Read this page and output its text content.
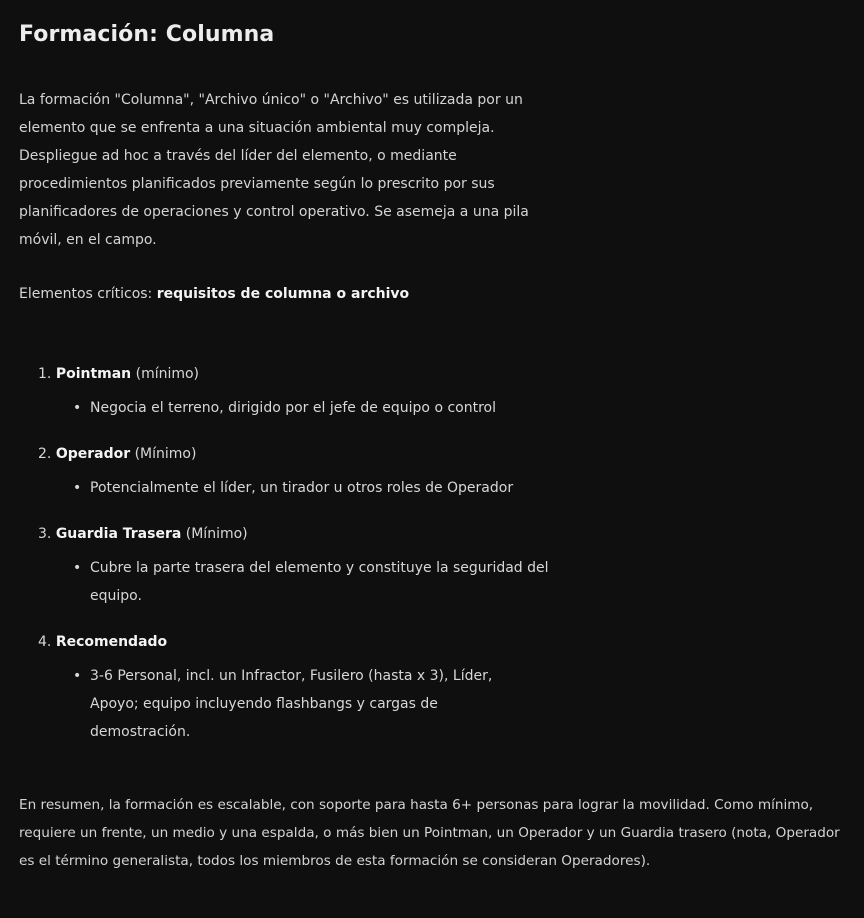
Formación: Columna

La formación "Columna", "Archivo único" o "Archivo" es utilizada por un elemento que se enfrenta a una situación ambiental muy compleja. Despliegue ad hoc a través del líder del elemento, o mediante procedimientos planificados previamente según lo prescrito por sus planificadores de operaciones y control operativo. Se asemeja a una pila móvil, en el campo.

Elementos críticos: requisitos de columna o archivo

1. Pointman (mínimo)

• Negocia el terreno, dirigido por el jefe de equipo o control

2. Operador (Mínimo)

• Potencialmente el líder, un tirador u otros roles de Operador

3. Guardia Trasera (Mínimo)

• Cubre la parte trasera del elemento y constituye la seguridad del equipo.

4. Recomendado

• 3-6 Personal, incl. un Infractor, Fusilero (hasta x 3), Líder, Apoyo; equipo incluyendo flashbangs y cargas de demostración.

En resumen, la formación es escalable, con soporte para hasta 6+ personas para lograr la movilidad. Como mínimo, requiere un frente, un medio y una espalda, o más bien un Pointman, un Operador y un Guardia trasero (nota, Operador es el término generalista, todos los miembros de esta formación se consideran Operadores).
